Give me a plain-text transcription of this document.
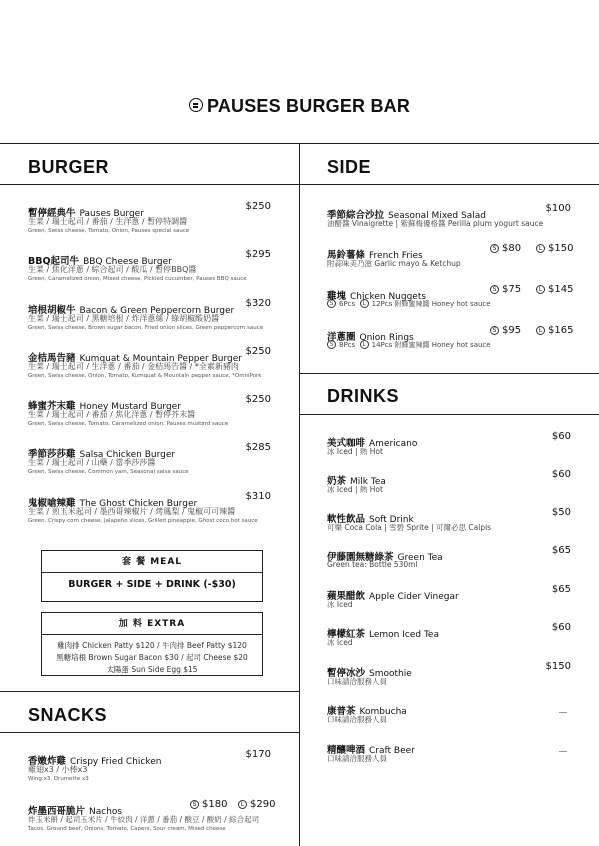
PAUSES BURGER BAR
BURGER	SIDE
DRINKS
SNACKS
暫停經典牛 Pauses Burger
$250
生菜 / 瑞士起司 / 番茄 / 生洋蔥 / 暫停特調醬
Green, Swiss cheese, Tomato, Onion, Pauses special sauce
BBQ起司牛 BBQ Cheese Burger
$295
生菜 / 焦化洋蔥 / 綜合起司 / 酸瓜 / 暫停BBQ醬
Green, Caramelized onion, Mixed cheese, Pickled cucumber, Pauses BBQ sauce
培根胡椒牛 Bacon & Green Peppercorn Burger
$320
生菜 / 瑞士起司 / 黑糖培根 / 炸洋蔥絲 / 綠胡椒酸奶醬
Green, Swiss cheese, Brown sugar bacon, Fried onion slices, Green peppercorn sauce
金桔馬告豬 Kumquat & Mountain Pepper Burger
$250
生菜 / 瑞士起司 / 生洋蔥 / 番茄 / 金桔馬告醬 / *全素新豬肉
Green, Swiss cheese, Onion, Tomato, Kumquat & Mountain pepper sauce, *OmniPork
蜂蜜芥末雞 Honey Mustard Burger
$250
生菜 / 瑞士起司 / 番茄 / 焦化洋蔥 / 暫停芥末醬
Green, Swiss cheese, Tomato, Caramelized onion, Pauses mustard sauce
季節莎莎雞 Salsa Chicken Burger
$285
生菜 / 瑞士起司 / 山藥 / 當季莎莎醬
Green, Swiss cheese, Common yam, Seasonal salsa sauce
鬼椒嗆辣雞 The Ghost Chicken Burger
$310
生菜 / 煎玉米起司 / 墨西哥辣椒片 / 烤鳳梨 / 鬼椒可可辣醬
Green, Crispy corn cheese, Jalapeño slices, Grilled pineapple, Ghost coco hot sauce
套 餐 MEAL
BURGER + SIDE + DRINK (-$30)
加 料 EXTRA
雞肉排 Chicken Patty $120 / 牛肉排 Beef Patty $120
黑糖培根 Brown Sugar Bacon $30 / 起司 Cheese $20
太陽蛋 Sun Side Egg $15
香嫩炸雞 Crispy Fried Chicken
$170
雞翅x3 / 小棒x3
Wing x3, Drumette x3
炸墨西哥脆片 Nachos
S $180	L $290
炸玉米餅 / 起司玉米片 / 牛絞肉 / 洋蔥 / 番茄 / 酸豆 / 酸奶 / 綜合起司
Tacos, Ground beef, Onions, Tomato, Capers, Sour cream, Mixed cheese
季節綜合沙拉 Seasonal Mixed Salad
$100
油醋醬 Vinaigrette | 紫蘇梅優格醬 Perilla plum yogurt sauce
馬鈴薯條 French Fries
S $80	L $150
附蒜味美乃滋 Garlic mayo & Ketchup
雞塊 Chicken Nuggets
S $75	L $145
S 6Pcs L 12Pcs 附蜂蜜辣醬 Honey hot sauce
洋蔥圈 Onion Rings
S $95	L $165
S 8Pcs L 14Pcs 附蜂蜜辣醬 Honey hot sauce
美式咖啡 Americano
$60
冰 Iced | 熱 Hot
奶茶 Milk Tea
$60
冰 Iced | 熱 Hot
軟性飲品 Soft Drink
$50
可樂 Coca Cola | 雪碧 Sprite | 可爾必思 Calpis
伊藤園無糖綠茶 Green Tea
$65
Green tea: Bottle 530ml
蘋果醋飲 Apple Cider Vinegar
$65
冰 Iced
檸檬紅茶 Lemon Iced Tea
$60
冰 Iced
暫停冰沙 Smoothie
$150
口味請洽服務人員
康普茶 Kombucha
口味請洽服務人員
精釀啤酒 Craft Beer
口味請洽服務人員
